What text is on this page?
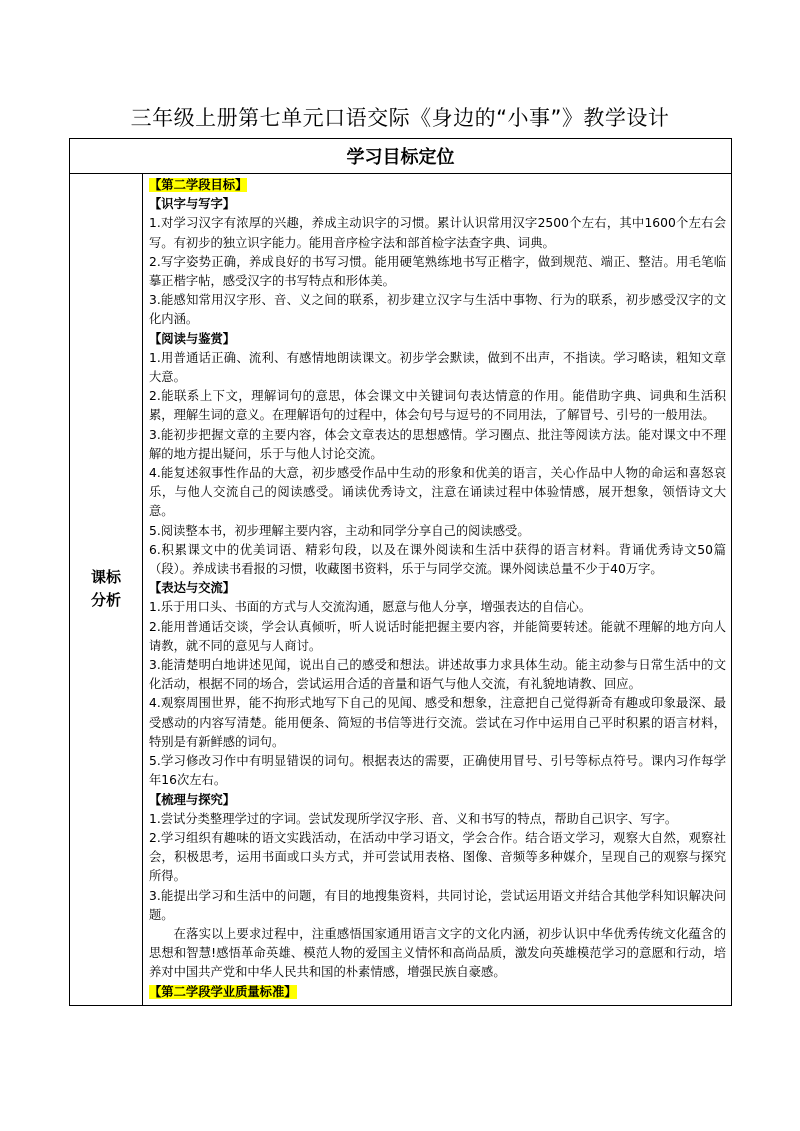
三年级上册第七单元口语交际《身边的“小事”》教学设计
学习目标定位
课标
分析	

【第二学段目标】

【识字与写字】

1.对学习汉字有浓厚的兴趣，养成主动识字的习惯。累计认识常用汉字2500个左右，其中1600个左右会写。有初步的独立识字能力。能用音序检字法和部首检字法查字典、词典。

2.写字姿势正确，养成良好的书写习惯。能用硬笔熟练地书写正楷字，做到规范、端正、整洁。用毛笔临摹正楷字帖，感受汉字的书写特点和形体美。

3.能感知常用汉字形、音、义之间的联系，初步建立汉字与生活中事物、行为的联系，初步感受汉字的文化内涵。

【阅读与鉴赏】

1.用普通话正确、流利、有感情地朗读课文。初步学会默读，做到不出声，不指读。学习略读，粗知文章大意。

2.能联系上下文，理解词句的意思，体会课文中关键词句表达情意的作用。能借助字典、词典和生活积累，理解生词的意义。在理解语句的过程中，体会句号与逗号的不同用法，了解冒号、引号的一般用法。

3.能初步把握文章的主要内容，体会文章表达的思想感情。学习圈点、批注等阅读方法。能对课文中不理解的地方提出疑问，乐于与他人讨论交流。

4.能复述叙事性作品的大意，初步感受作品中生动的形象和优美的语言，关心作品中人物的命运和喜怒哀乐，与他人交流自己的阅读感受。诵读优秀诗文，注意在诵读过程中体验情感，展开想象，领悟诗文大意。

5.阅读整本书，初步理解主要内容，主动和同学分享自己的阅读感受。

6.积累课文中的优美词语、精彩句段，以及在课外阅读和生活中获得的语言材料。背诵优秀诗文50篇（段）。养成读书看报的习惯，收藏图书资料，乐于与同学交流。课外阅读总量不少于40万字。

【表达与交流】

1.乐于用口头、书面的方式与人交流沟通，愿意与他人分享，增强表达的自信心。

2.能用普通话交谈，学会认真倾听，听人说话时能把握主要内容，并能简要转述。能就不理解的地方向人请教，就不同的意见与人商讨。

3.能清楚明白地讲述见闻，说出自己的感受和想法。讲述故事力求具体生动。能主动参与日常生活中的文化活动，根据不同的场合，尝试运用合适的音量和语气与他人交流，有礼貌地请教、回应。

4.观察周围世界，能不拘形式地写下自己的见闻、感受和想象，注意把自己觉得新奇有趣或印象最深、最受感动的内容写清楚。能用便条、简短的书信等进行交流。尝试在习作中运用自己平时积累的语言材料，特别是有新鲜感的词句。

5.学习修改习作中有明显错误的词句。根据表达的需要，正确使用冒号、引号等标点符号。课内习作每学年16次左右。

【梳理与探究】

1.尝试分类整理学过的字词。尝试发现所学汉字形、音、义和书写的特点，帮助自己识字、写字。

2.学习组织有趣味的语文实践活动，在活动中学习语文，学会合作。结合语文学习，观察大自然，观察社会，积极思考，运用书面或口头方式，并可尝试用表格、图像、音频等多种媒介，呈现自己的观察与探究所得。

3.能提出学习和生活中的问题，有目的地搜集资料，共同讨论，尝试运用语文并结合其他学科知识解决问题。

在落实以上要求过程中，注重感悟国家通用语言文字的文化内涵，初步认识中华优秀传统文化蕴含的思想和智慧!感悟革命英雄、模范人物的爱国主义情怀和高尚品质，激发向英雄模范学习的意愿和行动，培养对中国共产党和中华人民共和国的朴素情感，增强民族自豪感。

【第二学段学业质量标准】
